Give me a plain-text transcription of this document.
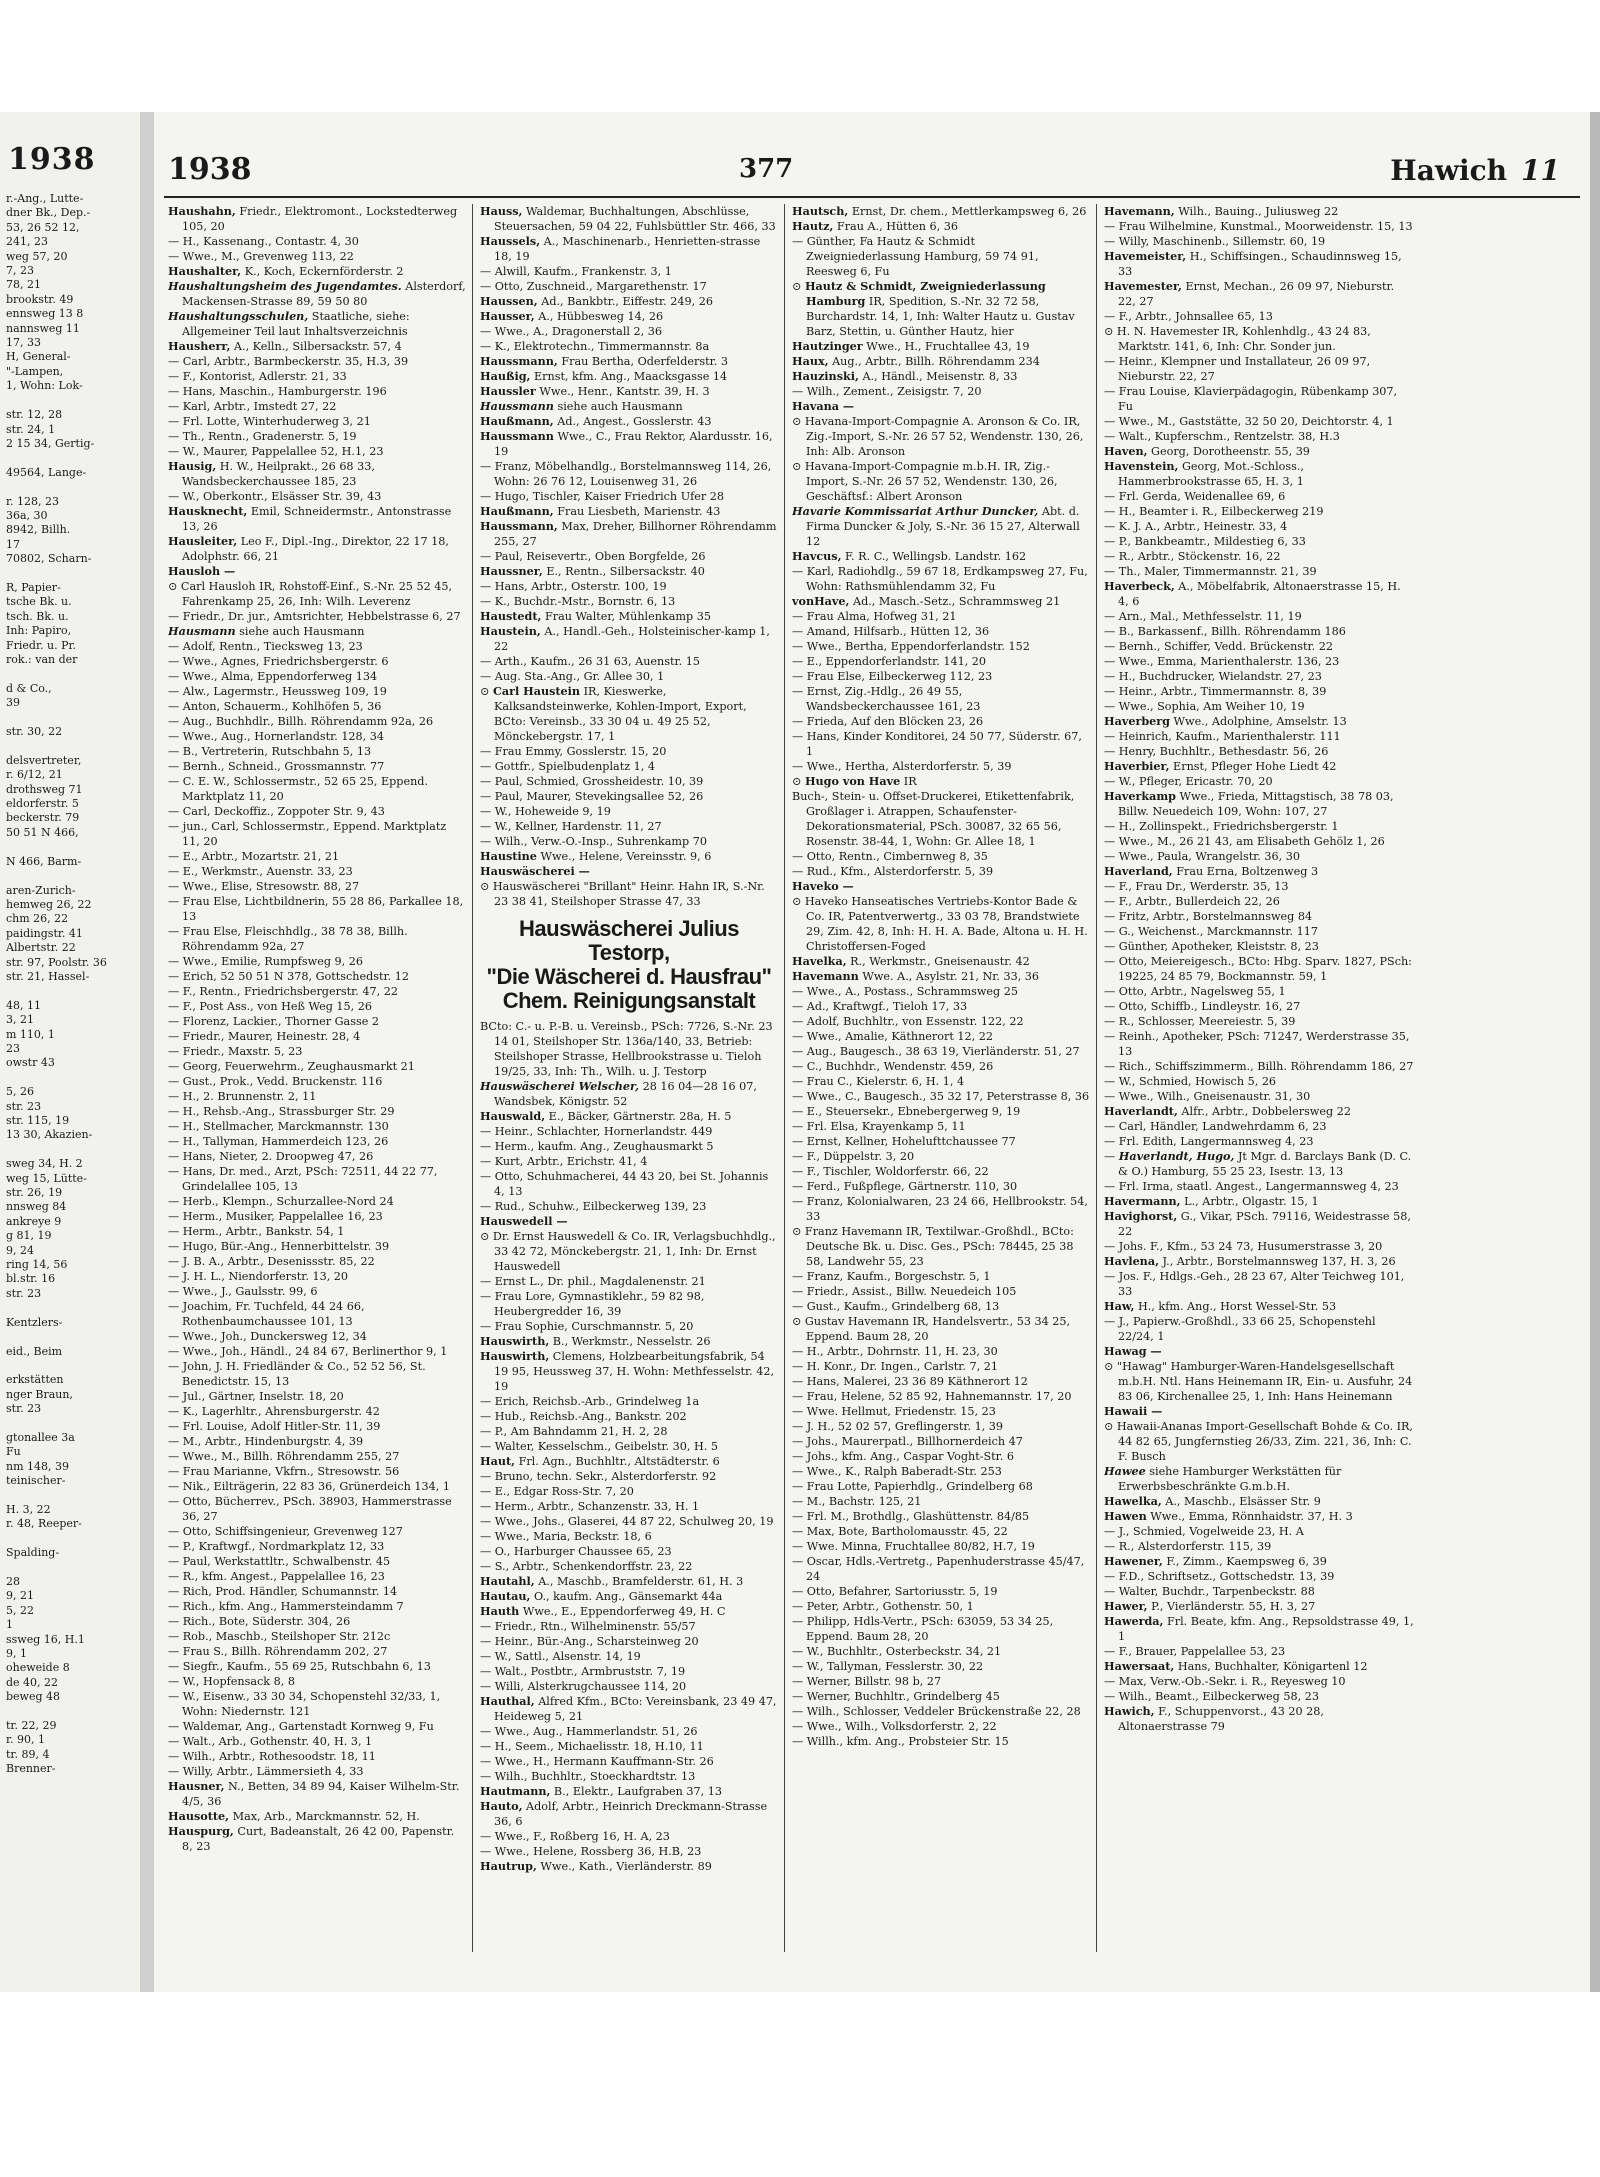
1938
r.-Ang., Lutte-
dner Bk., Dep.-
53, 26 52 12,
241, 23
weg 57, 20
7, 23
78, 21
brookstr. 49
ennsweg 13 8
nannsweg 11
17, 33
H, General-
"-Lampen,
1, Wohn: Lok-

str. 12, 28
str. 24, 1
2 15 34, Gertig-

49564, Lange-

r. 128, 23
36a, 30
8942, Billh.
17
70802, Scharn-

R, Papier-
tsche Bk. u.
tsch. Bk. u.
Inh: Papiro,
Friedr. u. Pr.
rok.: van der

d & Co.,
39

str. 30, 22

delsvertreter,
r. 6/12, 21
drothsweg 71
eldorferstr. 5
beckerstr. 79
50 51 N 466,

N 466, Barm-

aren-Zurich-
hemweg 26, 22
chm 26, 22
paidingstr. 41
Albertstr. 22
str. 97, Poolstr. 36
str. 21, Hassel-

48, 11
3, 21
m 110, 1
23
owstr 43

5, 26
str. 23
str. 115, 19
13 30, Akazien-

sweg 34, H. 2
weg 15, Lütte-
str. 26, 19
nnsweg 84
ankreye 9
g 81, 19
9, 24
ring 14, 56
bl.str. 16
str. 23

Kentzlers-

eid., Beim

erkstätten
nger Braun,
str. 23

gtonallee 3a
Fu
nm 148, 39
teinischer-

H. 3, 22
r. 48, Reeper-

Spalding-

28
9, 21
5, 22
1
ssweg 16, H.1
9, 1
oheweide 8
de 40, 22
beweg 48

tr. 22, 29
r. 90, 1
tr. 89, 4
Brenner-
1938	377	Hawich 11
Haushahn, Friedr., Elektromont., Lockstedterweg 105, 20
— H., Kassenang., Contastr. 4, 30
— Wwe., M., Grevenweg 113, 22
Haushalter, K., Koch, Eckernförderstr. 2
Haushaltungsheim des Jugendamtes. Alsterdorf, Mackensen-Strasse 89, 59 50 80
Haushaltungsschulen, Staatliche, siehe: Allgemeiner Teil laut Inhaltsverzeichnis
Hausherr, A., Kelln., Silbersackstr. 57, 4
— Carl, Arbtr., Barmbeckerstr. 35, H.3, 39
— F., Kontorist, Adlerstr. 21, 33
— Hans, Maschin., Hamburgerstr. 196
— Karl, Arbtr., Imstedt 27, 22
— Frl. Lotte, Winterhuderweg 3, 21
— Th., Rentn., Gradenerstr. 5, 19
— W., Maurer, Pappelallee 52, H.1, 23
Hausig, H. W., Heilprakt., 26 68 33, Wandsbeckerchaussee 185, 23
— W., Oberkontr., Elsässer Str. 39, 43
Hausknecht, Emil, Schneidermstr., Antonstrasse 13, 26
Hausleiter, Leo F., Dipl.-Ing., Direktor, 22 17 18, Adolphstr. 66, 21
Hausloh —
⊙ Carl Hausloh IR, Rohstoff-Einf., S.-Nr. 25 52 45, Fahrenkamp 25, 26, Inh: Wilh. Leverenz
— Friedr., Dr. jur., Amtsrichter, Hebbelstrasse 6, 27
Hausmann siehe auch Hausmann
— Adolf, Rentn., Tiecksweg 13, 23
— Wwe., Agnes, Friedrichsbergerstr. 6
— Wwe., Alma, Eppendorferweg 134
— Alw., Lagermstr., Heussweg 109, 19
— Anton, Schauerm., Kohlhöfen 5, 36
— Aug., Buchhdlr., Billh. Röhrendamm 92a, 26
— Wwe., Aug., Hornerlandstr. 128, 34
— B., Vertreterin, Rutschbahn 5, 13
— Bernh., Schneid., Grossmannstr. 77
— C. E. W., Schlossermstr., 52 65 25, Eppend. Marktplatz 11, 20
— Carl, Deckoffiz., Zoppoter Str. 9, 43
— jun., Carl, Schlossermstr., Eppend. Marktplatz 11, 20
— E., Arbtr., Mozartstr. 21, 21
— E., Werkmstr., Auenstr. 33, 23
— Wwe., Elise, Stresowstr. 88, 27
— Frau Else, Lichtbildnerin, 55 28 86, Parkallee 18, 13
— Frau Else, Fleischhdlg., 38 78 38, Billh. Röhrendamm 92a, 27
— Wwe., Emilie, Rumpfsweg 9, 26
— Erich, 52 50 51 N 378, Gottschedstr. 12
— F., Rentn., Friedrichsbergerstr. 47, 22
— F., Post Ass., von Heß Weg 15, 26
— Florenz, Lackier., Thorner Gasse 2
— Friedr., Maurer, Heinestr. 28, 4
— Friedr., Maxstr. 5, 23
— Georg, Feuerwehrm., Zeughausmarkt 21
— Gust., Prok., Vedd. Bruckenstr. 116
— H., 2. Brunnenstr. 2, 11
— H., Rehsb.-Ang., Strassburger Str. 29
— H., Stellmacher, Marckmannstr. 130
— H., Tallyman, Hammerdeich 123, 26
— Hans, Nieter, 2. Droopweg 47, 26
— Hans, Dr. med., Arzt, PSch: 72511, 44 22 77, Grindelallee 105, 13
— Herb., Klempn., Schurzallee-Nord 24
— Herm., Musiker, Pappelallee 16, 23
— Herm., Arbtr., Bankstr. 54, 1
— Hugo, Bür.-Ang., Hennerbittelstr. 39
— J. B. A., Arbtr., Desenissstr. 85, 22
— J. H. L., Niendorferstr. 13, 20
— Wwe., J., Gaulsstr. 99, 6
— Joachim, Fr. Tuchfeld, 44 24 66, Rothenbaumchaussee 101, 13
— Wwe., Joh., Dunckersweg 12, 34
— Wwe., Joh., Händl., 24 84 67, Berlinerthor 9, 1
— John, J. H. Friedländer & Co., 52 52 56, St. Benedictstr. 15, 13
— Jul., Gärtner, Inselstr. 18, 20
— K., Lagerhltr., Ahrensburgerstr. 42
— Frl. Louise, Adolf Hitler-Str. 11, 39
— M., Arbtr., Hindenburgstr. 4, 39
— Wwe., M., Billh. Röhrendamm 255, 27
— Frau Marianne, Vkfrn., Stresowstr. 56
— Nik., Eilträgerin, 22 83 36, Grünerdeich 134, 1
— Otto, Bücherrev., PSch. 38903, Hammerstrasse 36, 27
— Otto, Schiffsingenieur, Grevenweg 127
— P., Kraftwgf., Nordmarkplatz 12, 33
— Paul, Werkstattltr., Schwalbenstr. 45
— R., kfm. Angest., Pappelallee 16, 23
— Rich, Prod. Händler, Schumannstr. 14
— Rich., kfm. Ang., Hammersteindamm 7
— Rich., Bote, Süderstr. 304, 26
— Rob., Maschb., Steilshoper Str. 212c
— Frau S., Billh. Röhrendamm 202, 27
— Siegfr., Kaufm., 55 69 25, Rutschbahn 6, 13
— W., Hopfensack 8, 8
— W., Eisenw., 33 30 34, Schopenstehl 32/33, 1, Wohn: Niedernstr. 121
— Waldemar, Ang., Gartenstadt Kornweg 9, Fu
— Walt., Arb., Gothenstr. 40, H. 3, 1
— Wilh., Arbtr., Rothesoodstr. 18, 11
— Willy, Arbtr., Lämmersieth 4, 33
Hausner, N., Betten, 34 89 94, Kaiser Wilhelm-Str. 4/5, 36
Hausotte, Max, Arb., Marckmannstr. 52, H.
Hauspurg, Curt, Badeanstalt, 26 42 00, Papenstr. 8, 23
Hauss, Waldemar, Buchhaltungen, Abschlüsse, Steuersachen, 59 04 22, Fuhlsbüttler Str. 466, 33
Haussels, A., Maschinenarb., Henrietten-strasse 18, 19
— Alwill, Kaufm., Frankenstr. 3, 1
— Otto, Zuschneid., Margarethenstr. 17
Haussen, Ad., Bankbtr., Eiffestr. 249, 26
Hausser, A., Hübbesweg 14, 26
— Wwe., A., Dragonerstall 2, 36
— K., Elektrotechn., Timmermannstr. 8a
Haussmann, Frau Bertha, Oderfelderstr. 3
Haußig, Ernst, kfm. Ang., Maacksgasse 14
Haussler Wwe., Henr., Kantstr. 39, H. 3
Haussmann siehe auch Hausmann
Haußmann, Ad., Angest., Gosslerstr. 43
Haussmann Wwe., C., Frau Rektor, Alardusstr. 16, 19
— Franz, Möbelhandlg., Borstelmannsweg 114, 26, Wohn: 26 76 12, Louisenweg 31, 26
— Hugo, Tischler, Kaiser Friedrich Ufer 28
Haußmann, Frau Liesbeth, Marienstr. 43
Haussmann, Max, Dreher, Billhorner Röhrendamm 255, 27
— Paul, Reisevertr., Oben Borgfelde, 26
Haussner, E., Rentn., Silbersackstr. 40
— Hans, Arbtr., Osterstr. 100, 19
— K., Buchdr.-Mstr., Bornstr. 6, 13
Haustedt, Frau Walter, Mühlenkamp 35
Haustein, A., Handl.-Geh., Holsteinischer-kamp 1, 22
— Arth., Kaufm., 26 31 63, Auenstr. 15
— Aug. Sta.-Ang., Gr. Allee 30, 1
⊙ Carl Haustein IR, Kieswerke, Kalksandsteinwerke, Kohlen-Import, Export, BCto: Vereinsb., 33 30 04 u. 49 25 52, Mönckebergstr. 17, 1
— Frau Emmy, Gosslerstr. 15, 20
— Gottfr., Spielbudenplatz 1, 4
— Paul, Schmied, Grossheidestr. 10, 39
— Paul, Maurer, Stevekingsallee 52, 26
— W., Hoheweide 9, 19
— W., Kellner, Hardenstr. 11, 27
— Wilh., Verw.-O.-Insp., Suhrenkamp 70
Haustine Wwe., Helene, Vereinsstr. 9, 6
Hauswäscherei —
⊙ Hauswäscherei "Brillant" Heinr. Hahn IR, S.-Nr. 23 38 41, Steilshoper Strasse 47, 33
Hauswäscherei Julius Testorp,
"Die Wäscherei d. Hausfrau"
Chem. Reinigungsanstalt
BCto: C.- u. P.-B. u. Vereinsb., PSch: 7726, S.-Nr. 23 14 01, Steilshoper Str. 136a/140, 33, Betrieb: Steilshoper Strasse, Hellbrookstrasse u. Tieloh 19/25, 33, Inh: Th., Wilh. u. J. Testorp
Hauswäscherei Welscher, 28 16 04—28 16 07, Wandsbek, Königstr. 52
Hauswald, E., Bäcker, Gärtnerstr. 28a, H. 5
— Heinr., Schlachter, Hornerlandstr. 449
— Herm., kaufm. Ang., Zeughausmarkt 5
— Kurt, Arbtr., Erichstr. 41, 4
— Otto, Schuhmacherei, 44 43 20, bei St. Johannis 4, 13
— Rud., Schuhw., Eilbeckerweg 139, 23
Hauswedell —
⊙ Dr. Ernst Hauswedell & Co. IR, Verlagsbuchhdlg., 33 42 72, Mönckebergstr. 21, 1, Inh: Dr. Ernst Hauswedell
— Ernst L., Dr. phil., Magdalenenstr. 21
— Frau Lore, Gymnastiklehr., 59 82 98, Heubergredder 16, 39
— Frau Sophie, Curschmannstr. 5, 20
Hauswirth, B., Werkmstr., Nesselstr. 26
Hauswirth, Clemens, Holzbearbeitungsfabrik, 54 19 95, Heussweg 37, H. Wohn: Methfesselstr. 42, 19
— Erich, Reichsb.-Arb., Grindelweg 1a
— Hub., Reichsb.-Ang., Bankstr. 202
— P., Am Bahndamm 21, H. 2, 28
— Walter, Kesselschm., Geibelstr. 30, H. 5
Haut, Frl. Agn., Buchhltr., Altstädterstr. 6
— Bruno, techn. Sekr., Alsterdorferstr. 92
— E., Edgar Ross-Str. 7, 20
— Herm., Arbtr., Schanzenstr. 33, H. 1
— Wwe., Johs., Glaserei, 44 87 22, Schulweg 20, 19
— Wwe., Maria, Beckstr. 18, 6
— O., Harburger Chaussee 65, 23
— S., Arbtr., Schenkendorffstr. 23, 22
Hautahl, A., Maschb., Bramfelderstr. 61, H. 3
Hautau, O., kaufm. Ang., Gänsemarkt 44a
Hauth Wwe., E., Eppendorferweg 49, H. C
— Friedr., Rtn., Wilhelminenstr. 55/57
— Heinr., Bür.-Ang., Scharsteinweg 20
— W., Sattl., Alsenstr. 14, 19
— Walt., Postbtr., Armbruststr. 7, 19
— Willi, Alsterkrugchaussee 114, 20
Hauthal, Alfred Kfm., BCto: Vereinsbank, 23 49 47, Heideweg 5, 21
— Wwe., Aug., Hammerlandstr. 51, 26
— H., Seem., Michaelisstr. 18, H.10, 11
— Wwe., H., Hermann Kauffmann-Str. 26
— Wilh., Buchhltr., Stoeckhardtstr. 13
Hautmann, B., Elektr., Laufgraben 37, 13
Hauto, Adolf, Arbtr., Heinrich Dreckmann-Strasse 36, 6
— Wwe., F., Roßberg 16, H. A, 23
— Wwe., Helene, Rossberg 36, H.B, 23
Hautrup, Wwe., Kath., Vierländerstr. 89
Hautsch, Ernst, Dr. chem., Mettlerkampsweg 6, 26
Hautz, Frau A., Hütten 6, 36
— Günther, Fa Hautz & Schmidt Zweigniederlassung Hamburg, 59 74 91, Reesweg 6, Fu
⊙ Hautz & Schmidt, Zweigniederlassung Hamburg IR, Spedition, S.-Nr. 32 72 58, Burchardstr. 14, 1, Inh: Walter Hautz u. Gustav Barz, Stettin, u. Günther Hautz, hier
Hautzinger Wwe., H., Fruchtallee 43, 19
Haux, Aug., Arbtr., Billh. Röhrendamm 234
Hauzinski, A., Händl., Meisenstr. 8, 33
— Wilh., Zement., Zeisigstr. 7, 20
Havana —
⊙ Havana-Import-Compagnie A. Aronson & Co. IR, Zig.-Import, S.-Nr. 26 57 52, Wendenstr. 130, 26, Inh: Alb. Aronson
⊙ Havana-Import-Compagnie m.b.H. IR, Zig.-Import, S.-Nr. 26 57 52, Wendenstr. 130, 26, Geschäftsf.: Albert Aronson
Havarie Kommissariat Arthur Duncker, Abt. d. Firma Duncker & Joly, S.-Nr. 36 15 27, Alterwall 12
Havcus, F. R. C., Wellingsb. Landstr. 162
— Karl, Radiohdlg., 59 67 18, Erdkampsweg 27, Fu, Wohn: Rathsmühlendamm 32, Fu
vonHave, Ad., Masch.-Setz., Schrammsweg 21
— Frau Alma, Hofweg 31, 21
— Amand, Hilfsarb., Hütten 12, 36
— Wwe., Bertha, Eppendorferlandstr. 152
— E., Eppendorferlandstr. 141, 20
— Frau Else, Eilbeckerweg 112, 23
— Ernst, Zig.-Hdlg., 26 49 55, Wandsbeckerchaussee 161, 23
— Frieda, Auf den Blöcken 23, 26
— Hans, Kinder Konditorei, 24 50 77, Süderstr. 67, 1
— Wwe., Hertha, Alsterdorferstr. 5, 39
⊙ Hugo von Have IR
Buch-, Stein- u. Offset-Druckerei, Etikettenfabrik, Großlager i. Atrappen, Schaufenster-Dekorationsmaterial, PSch. 30087, 32 65 56, Rosenstr. 38-44, 1, Wohn: Gr. Allee 18, 1
— Otto, Rentn., Cimbernweg 8, 35
— Rud., Kfm., Alsterdorferstr. 5, 39
Haveko —
⊙ Haveko Hanseatisches Vertriebs-Kontor Bade & Co. IR, Patentverwertg., 33 03 78, Brandstwiete 29, Zim. 42, 8, Inh: H. H. A. Bade, Altona u. H. H. Christoffersen-Foged
Havelka, R., Werkmstr., Gneisenaustr. 42
Havemann Wwe. A., Asylstr. 21, Nr. 33, 36
— Wwe., A., Postass., Schrammsweg 25
— Ad., Kraftwgf., Tieloh 17, 33
— Adolf, Buchhltr., von Essenstr. 122, 22
— Wwe., Amalie, Käthnerort 12, 22
— Aug., Baugesch., 38 63 19, Vierländerstr. 51, 27
— C., Buchhdr., Wendenstr. 459, 26
— Frau C., Kielerstr. 6, H. 1, 4
— Wwe., C., Baugesch., 35 32 17, Peterstrasse 8, 36
— E., Steuersekr., Ebnebergerweg 9, 19
— Frl. Elsa, Krayenkamp 5, 11
— Ernst, Kellner, Hohelufttchaussee 77
— F., Düppelstr. 3, 20
— F., Tischler, Woldorferstr. 66, 22
— Ferd., Fußpflege, Gärtnerstr. 110, 30
— Franz, Kolonialwaren, 23 24 66, Hellbrookstr. 54, 33
⊙ Franz Havemann IR, Textilwar.-Großhdl., BCto: Deutsche Bk. u. Disc. Ges., PSch: 78445, 25 38 58, Landwehr 55, 23
— Franz, Kaufm., Borgeschstr. 5, 1
— Friedr., Assist., Billw. Neuedeich 105
— Gust., Kaufm., Grindelberg 68, 13
⊙ Gustav Havemann IR, Handelsvertr., 53 34 25, Eppend. Baum 28, 20
— H., Arbtr., Dohrnstr. 11, H. 23, 30
— H. Konr., Dr. Ingen., Carlstr. 7, 21
— Hans, Malerei, 23 36 89 Käthnerort 12
— Frau, Helene, 52 85 92, Hahnemannstr. 17, 20
— Wwe. Hellmut, Friedenstr. 15, 23
— J. H., 52 02 57, Greflingerstr. 1, 39
— Johs., Maurerpatl., Billhornerdeich 47
— Johs., kfm. Ang., Caspar Voght-Str. 6
— Wwe., K., Ralph Baberadt-Str. 253
— Frau Lotte, Papierhdlg., Grindelberg 68
— M., Bachstr. 125, 21
— Frl. M., Brothdlg., Glashüttenstr. 84/85
— Max, Bote, Bartholomausstr. 45, 22
— Wwe. Minna, Fruchtallee 80/82, H.7, 19
— Oscar, Hdls.-Vertretg., Papenhuderstrasse 45/47, 24
— Otto, Befahrer, Sartoriusstr. 5, 19
— Peter, Arbtr., Gothenstr. 50, 1
— Philipp, Hdls-Vertr., PSch: 63059, 53 34 25, Eppend. Baum 28, 20
— W., Buchhltr., Osterbeckstr. 34, 21
— W., Tallyman, Fesslerstr. 30, 22
— Werner, Billstr. 98 b, 27
— Werner, Buchhltr., Grindelberg 45
— Wilh., Schlosser, Veddeler Brückenstraße 22, 28
— Wwe., Wilh., Volksdorferstr. 2, 22
— Willh., kfm. Ang., Probsteier Str. 15
Havemann, Wilh., Bauing., Juliusweg 22
— Frau Wilhelmine, Kunstmal., Moorweidenstr. 15, 13
— Willy, Maschinenb., Sillemstr. 60, 19
Havemeister, H., Schiffsingen., Schaudinnsweg 15, 33
Havemester, Ernst, Mechan., 26 09 97, Nieburstr. 22, 27
— F., Arbtr., Johnsallee 65, 13
⊙ H. N. Havemester IR, Kohlenhdlg., 43 24 83, Marktstr. 141, 6, Inh: Chr. Sonder jun.
— Heinr., Klempner und Installateur, 26 09 97, Nieburstr. 22, 27
— Frau Louise, Klavierpädagogin, Rübenkamp 307, Fu
— Wwe., M., Gaststätte, 32 50 20, Deichtorstr. 4, 1
— Walt., Kupferschm., Rentzelstr. 38, H.3
Haven, Georg, Dorotheenstr. 55, 39
Havenstein, Georg, Mot.-Schloss., Hammerbrookstrasse 65, H. 3, 1
— Frl. Gerda, Weidenallee 69, 6
— H., Beamter i. R., Eilbeckerweg 219
— K. J. A., Arbtr., Heinestr. 33, 4
— P., Bankbeamtr., Mildestieg 6, 33
— R., Arbtr., Stöckenstr. 16, 22
— Th., Maler, Timmermannstr. 21, 39
Haverbeck, A., Möbelfabrik, Altonaerstrasse 15, H. 4, 6
— Arn., Mal., Methfesselstr. 11, 19
— B., Barkassenf., Billh. Röhrendamm 186
— Bernh., Schiffer, Vedd. Brückenstr. 22
— Wwe., Emma, Marienthalerstr. 136, 23
— H., Buchdrucker, Wielandstr. 27, 23
— Heinr., Arbtr., Timmermannstr. 8, 39
— Wwe., Sophia, Am Weiher 10, 19
Haverberg Wwe., Adolphine, Amselstr. 13
— Heinrich, Kaufm., Marienthalerstr. 111
— Henry, Buchhltr., Bethesdastr. 56, 26
Haverbier, Ernst, Pfleger Hohe Liedt 42
— W., Pfleger, Ericastr. 70, 20
Haverkamp Wwe., Frieda, Mittagstisch, 38 78 03, Billw. Neuedeich 109, Wohn: 107, 27
— H., Zollinspekt., Friedrichsbergerstr. 1
— Wwe., M., 26 21 43, am Elisabeth Gehölz 1, 26
— Wwe., Paula, Wrangelstr. 36, 30
Haverland, Frau Erna, Boltzenweg 3
— F., Frau Dr., Werderstr. 35, 13
— F., Arbtr., Bullerdeich 22, 26
— Fritz, Arbtr., Borstelmannsweg 84
— G., Weichenst., Marckmannstr. 117
— Günther, Apotheker, Kleiststr. 8, 23
— Otto, Meiereigesch., BCto: Hbg. Sparv. 1827, PSch: 19225, 24 85 79, Bockmannstr. 59, 1
— Otto, Arbtr., Nagelsweg 55, 1
— Otto, Schiffb., Lindleystr. 16, 27
— R., Schlosser, Meereiestr. 5, 39
— Reinh., Apotheker, PSch: 71247, Werderstrasse 35, 13
— Rich., Schiffszimmerm., Billh. Röhrendamm 186, 27
— W., Schmied, Howisch 5, 26
— Wwe., Wilh., Gneisenaustr. 31, 30
Haverlandt, Alfr., Arbtr., Dobbelersweg 22
— Carl, Händler, Landwehrdamm 6, 23
— Frl. Edith, Langermannsweg 4, 23
— Haverlandt, Hugo, Jt Mgr. d. Barclays Bank (D. C. & O.) Hamburg, 55 25 23, Isestr. 13, 13
— Frl. Irma, staatl. Angest., Langermannsweg 4, 23
Havermann, L., Arbtr., Olgastr. 15, 1
Havighorst, G., Vikar, PSch. 79116, Weidestrasse 58, 22
— Johs. F., Kfm., 53 24 73, Husumerstrasse 3, 20
Havlena, J., Arbtr., Borstelmannsweg 137, H. 3, 26
— Jos. F., Hdlgs.-Geh., 28 23 67, Alter Teichweg 101, 33
Haw, H., kfm. Ang., Horst Wessel-Str. 53
— J., Papierw.-Großhdl., 33 66 25, Schopenstehl 22/24, 1
Hawag —
⊙ "Hawag" Hamburger-Waren-Handelsgesellschaft m.b.H. Ntl. Hans Heinemann IR, Ein- u. Ausfuhr, 24 83 06, Kirchenallee 25, 1, Inh: Hans Heinemann
Hawaii —
⊙ Hawaii-Ananas Import-Gesellschaft Bohde & Co. IR, 44 82 65, Jungfernstieg 26/33, Zim. 221, 36, Inh: C. F. Busch
Hawee siehe Hamburger Werkstätten für Erwerbsbeschränkte G.m.b.H.
Hawelka, A., Maschb., Elsässer Str. 9
Hawen Wwe., Emma, Rönnhaidstr. 37, H. 3
— J., Schmied, Vogelweide 23, H. A
— R., Alsterdorferstr. 115, 39
Hawener, F., Zimm., Kaempsweg 6, 39
— F.D., Schriftsetz., Gottschedstr. 13, 39
— Walter, Buchdr., Tarpenbeckstr. 88
Hawer, P., Vierländerstr. 55, H. 3, 27
Hawerda, Frl. Beate, kfm. Ang., Repsoldstrasse 49, 1, 1
— F., Brauer, Pappelallee 53, 23
Hawersaat, Hans, Buchhalter, Königartenl 12
— Max, Verw.-Ob.-Sekr. i. R., Reyesweg 10
— Wilh., Beamt., Eilbeckerweg 58, 23
Hawich, F., Schuppenvorst., 43 20 28, Altonaerstrasse 79
